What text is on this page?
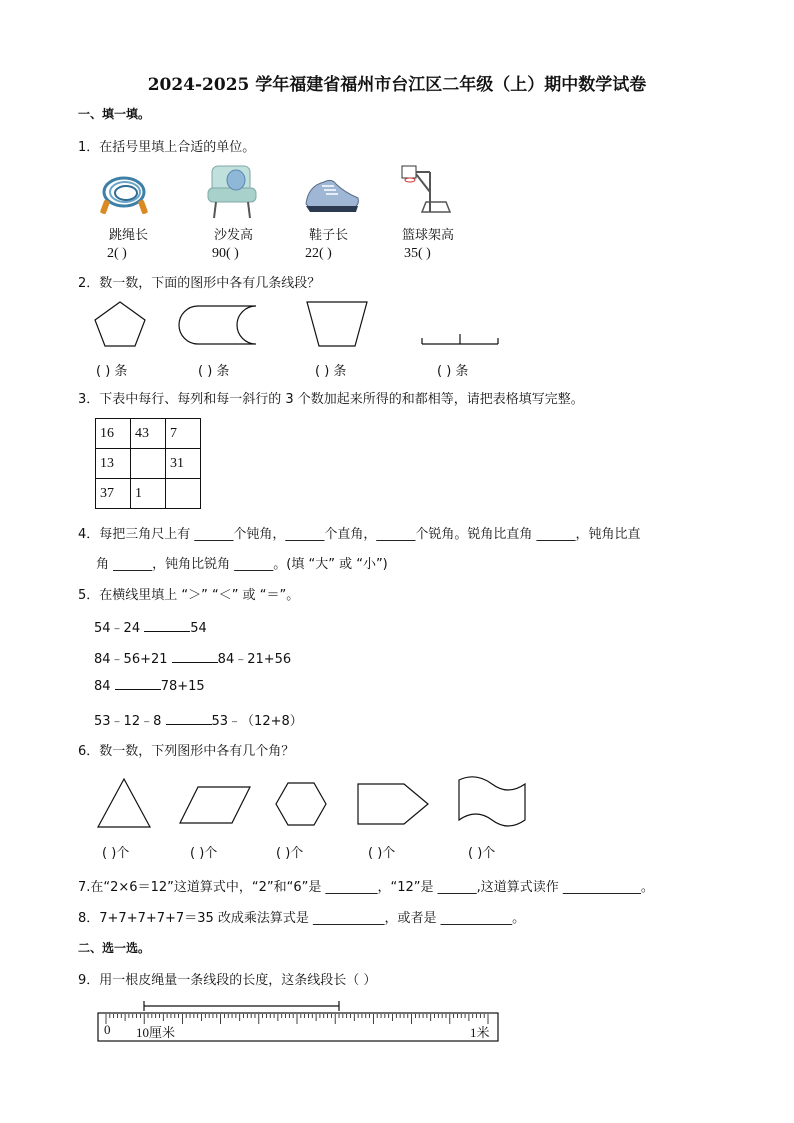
2024-2025 学年福建省福州市台江区二年级（上）期中数学试卷
一、填一填。
1．在括号里填上合适的单位。
跳绳长	沙发高	鞋子长	篮球架高
2( )	90( )	22( )	35( )
2．数一数，下面的图形中各有几条线段？
( ) 条	( ) 条	( ) 条	( ) 条
3．下表中每行、每列和每一斜行的 3 个数加起来所得的和都相等，请把表格填写完整。
16	43	7
13		31
37	1	
4．每把三角尺上有 ______个钝角，______个直角，______个锐角。锐角比直角 ______，钝角比直
角 ______，钝角比锐角 ______。(填 “大” 或 “小”)
5．在横线里填上 “＞” “＜” 或 “＝”。
54﹣24	54
84﹣56+21	84﹣21+56
84	78+15
53﹣12﹣8	53﹣（12+8）
6．数一数，下列图形中各有几个角？
( )个	( )个	( )个	( )个	( )个
7.在“2×6＝12”这道算式中，“2”和“6”是 ________，“12”是 ______,这道算式读作 ____________。
8．7+7+7+7+7＝35 改成乘法算式是 ___________，或者是 ___________。
二、选一选。
9．用一根皮绳量一条线段的长度，这条线段长（ ）
0 10厘米	1米
